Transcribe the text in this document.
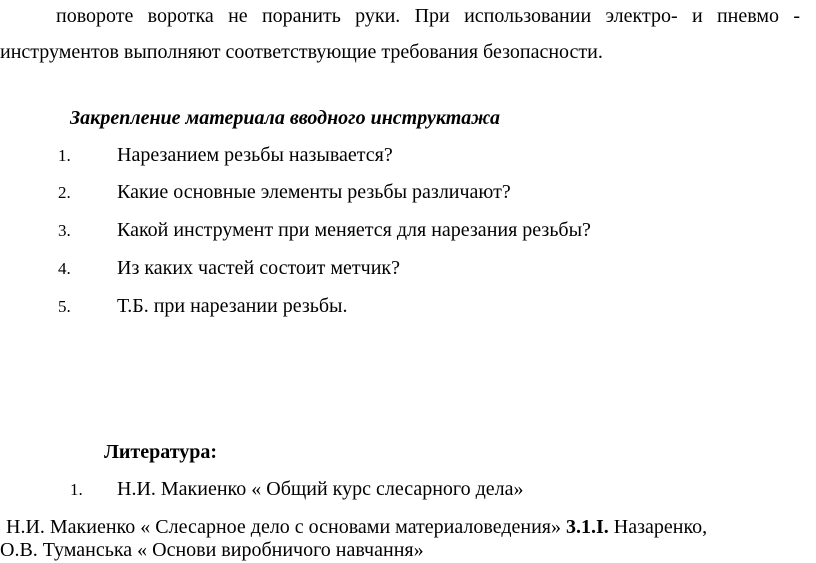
повороте воротка не поранить руки. При использовании электро- и пневмо -
инструментов выполняют соответствующие требования безопасности.
Закрепление материала вводного инструктажа
1. Нарезанием резьбы называется?
2. Какие основные элементы резьбы различают?
3. Какой инструмент при меняется для нарезания резьбы?
4. Из каких частей состоит метчик?
5. Т.Б. при нарезании резьбы.
Литература:
1. Н.И. Макиенко « Общий курс слесарного дела»
Н.И. Макиенко « Слесарное дело с основами материаловедения» 3.1.I. Назаренко,
О.В. Туманська « Основи виробничого навчання»
